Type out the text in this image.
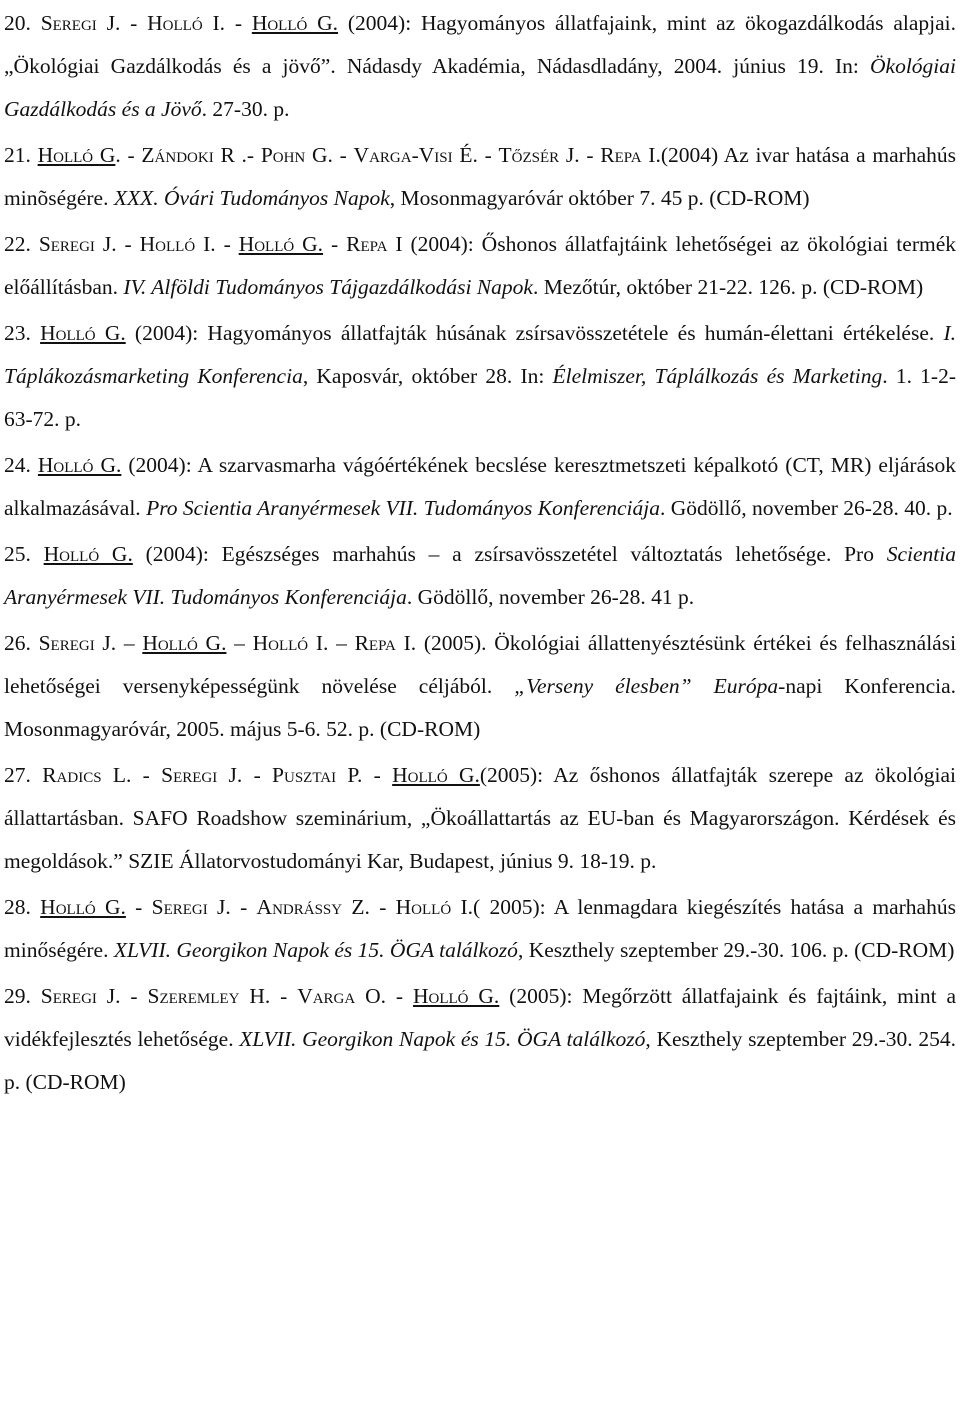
20. Seregi J. - Holló I. - Holló G. (2004): Hagyományos állatfajaink, mint az ökogazdálkodás alapjai. „Ökológiai Gazdálkodás és a jövő”. Nádasdy Akadémia, Nádasdladány, 2004. június 19. In: Ökológiai Gazdálkodás és a Jövő. 27-30. p.

21. Holló G. - Zándoki R .- Pohn G. - Varga-Visi É. - Tőzsér J. - Repa I.(2004) Az ivar hatása a marhahús minõségére. XXX. Óvári Tudományos Napok, Mosonmagyaróvár október 7. 45 p. (CD-ROM)

22. Seregi J. - Holló I. - Holló G. - Repa I (2004): Őshonos állatfajtáink lehetőségei az ökológiai termék előállításban. IV. Alföldi Tudományos Tájgazdálkodási Napok. Mezőtúr, október 21-22. 126. p. (CD-ROM)

23. Holló G. (2004): Hagyományos állatfajták húsának zsírsavösszetétele és humán-élettani értékelése. I. Táplákozásmarketing Konferencia, Kaposvár, október 28. In: Élelmiszer, Táplálkozás és Marketing. 1. 1-2- 63-72. p.

24. Holló G. (2004): A szarvasmarha vágóértékének becslése keresztmetszeti képalkotó (CT, MR) eljárások alkalmazásával. Pro Scientia Aranyérmesek VII. Tudományos Konferenciája. Gödöllő, november 26-28. 40. p.

25. Holló G. (2004): Egészséges marhahús – a zsírsavösszetétel változtatás lehetősége. Pro Scientia Aranyérmesek VII. Tudományos Konferenciája. Gödöllő, november 26-28. 41 p.

26. Seregi J. – Holló G. – Holló I. – Repa I. (2005). Ökológiai állattenyésztésünk értékei és felhasználási lehetőségei versenyképességünk növelése céljából. „Verseny élesben” Európa-napi Konferencia. Mosonmagyaróvár, 2005. május 5-6. 52. p. (CD-ROM)

27. Radics L. - Seregi J. - Pusztai P. - Holló G.(2005): Az őshonos állatfajták szerepe az ökológiai állattartásban. SAFO Roadshow szeminárium, „Ökoállattartás az EU-ban és Magyarországon. Kérdések és megoldások.” SZIE Állatorvostudományi Kar, Budapest, június 9. 18-19. p.

28. Holló G. - Seregi J. - Andrássy Z. - Holló I.( 2005): A lenmagdara kiegészítés hatása a marhahús minőségére. XLVII. Georgikon Napok és 15. ÖGA találkozó, Keszthely szeptember 29.-30. 106. p. (CD-ROM)

29. Seregi J. - Szeremley H. - Varga O. - Holló G. (2005): Megőrzött állatfajaink és fajtáink, mint a vidékfejlesztés lehetősége. XLVII. Georgikon Napok és 15. ÖGA találkozó, Keszthely szeptember 29.-30. 254. p. (CD-ROM)
